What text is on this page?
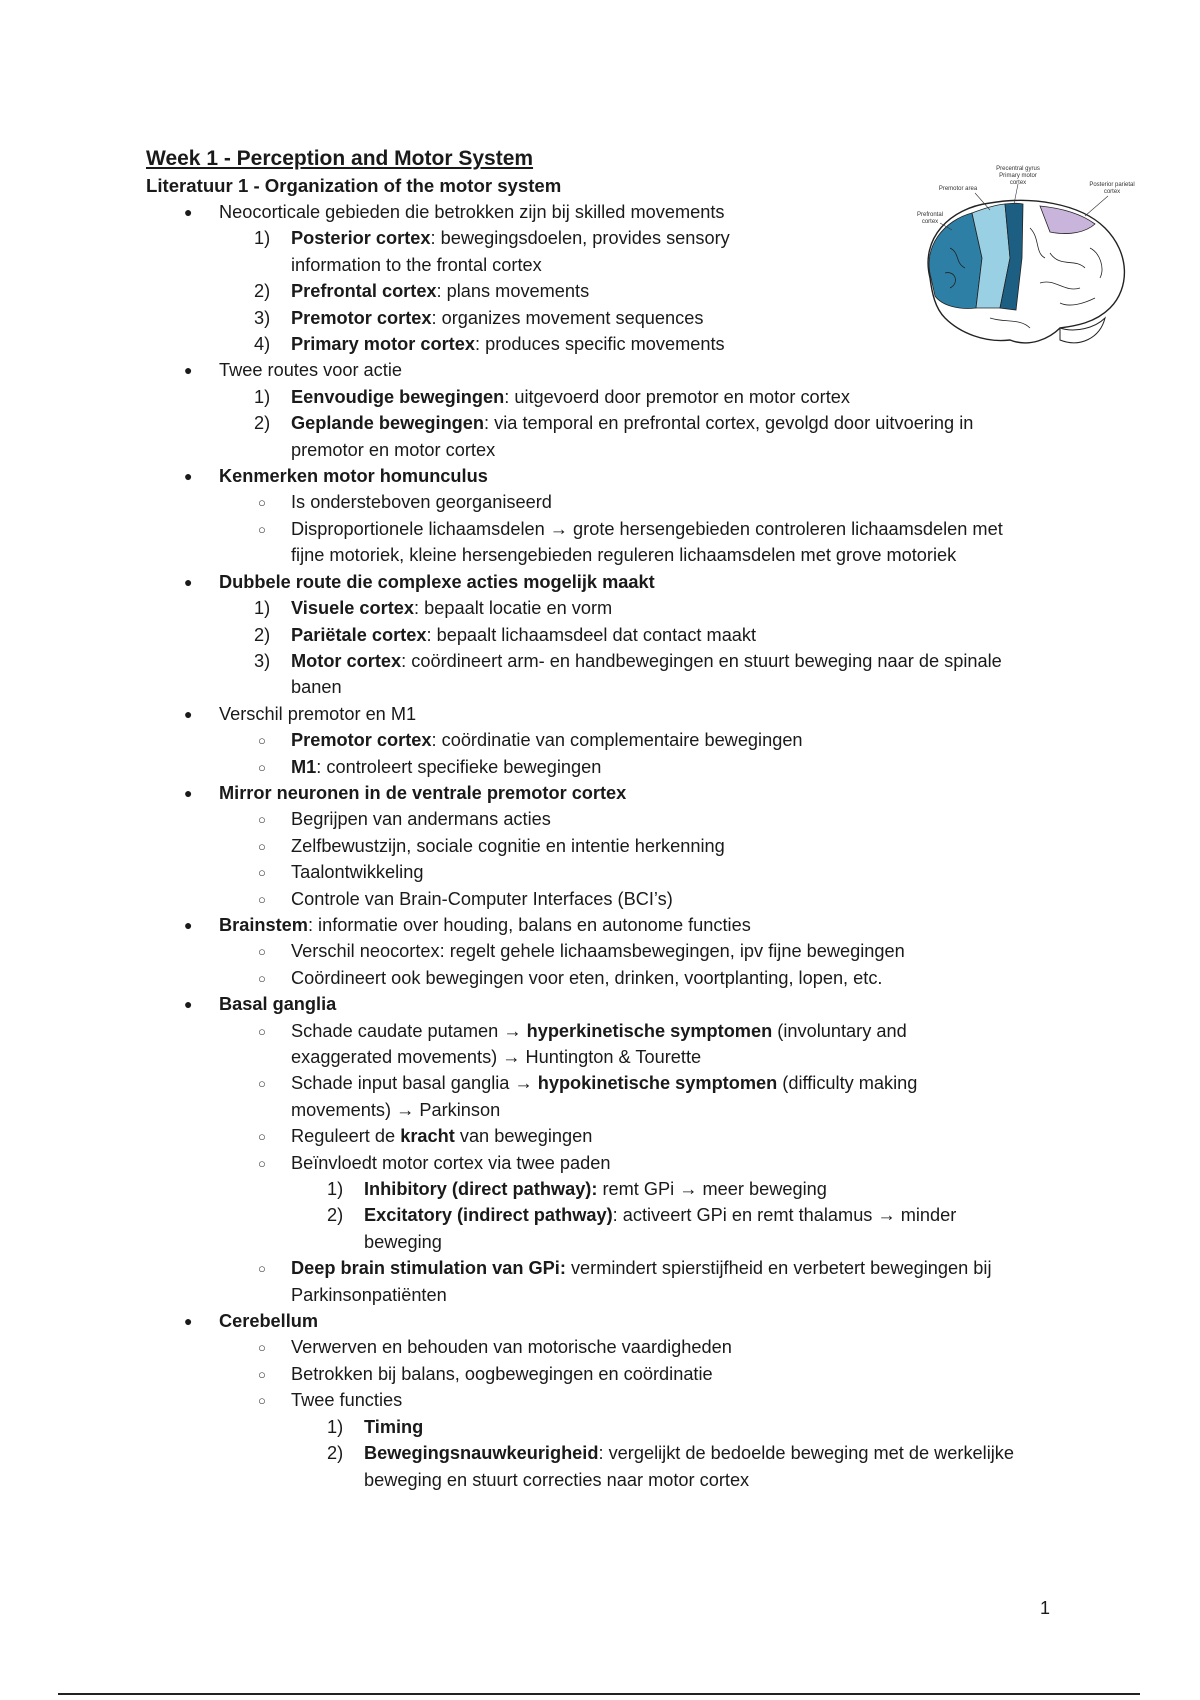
Precentral gyrus
Primary motor
cortex
Premotor area
Posterior parietal
cortex
Prefrontal
cortex
Week 1 - Perception and Motor System
Literatuur 1 - Organization of the motor system
● Neocorticale gebieden die betrokken zijn bij skilled movements
1) Posterior cortex: bewegingsdoelen, provides sensory
information to the frontal cortex
2) Prefrontal cortex: plans movements
3) Premotor cortex: organizes movement sequences
4) Primary motor cortex: produces specific movements
● Twee routes voor actie
1) Eenvoudige bewegingen: uitgevoerd door premotor en motor cortex
2) Geplande bewegingen: via temporal en prefrontal cortex, gevolgd door uitvoering in premotor en motor cortex
● Kenmerken motor homunculus
○ Is ondersteboven georganiseerd
○ Disproportionele lichaamsdelen → grote hersengebieden controleren lichaamsdelen met fijne motoriek, kleine hersengebieden reguleren lichaamsdelen met grove motoriek
● Dubbele route die complexe acties mogelijk maakt
1) Visuele cortex: bepaalt locatie en vorm
2) Pariëtale cortex: bepaalt lichaamsdeel dat contact maakt
3) Motor cortex: coördineert arm- en handbewegingen en stuurt beweging naar de spinale banen
● Verschil premotor en M1
○ Premotor cortex: coördinatie van complementaire bewegingen
○ M1: controleert specifieke bewegingen
● Mirror neuronen in de ventrale premotor cortex
○ Begrijpen van andermans acties
○ Zelfbewustzijn, sociale cognitie en intentie herkenning
○ Taalontwikkeling
○ Controle van Brain-Computer Interfaces (BCI’s)
● Brainstem: informatie over houding, balans en autonome functies
○ Verschil neocortex: regelt gehele lichaamsbewegingen, ipv fijne bewegingen
○ Coördineert ook bewegingen voor eten, drinken, voortplanting, lopen, etc.
● Basal ganglia
○ Schade caudate putamen → hyperkinetische symptomen (involuntary and exaggerated movements) → Huntington & Tourette
○ Schade input basal ganglia → hypokinetische symptomen (difficulty making movements) → Parkinson
○ Reguleert de kracht van bewegingen
○ Beïnvloedt motor cortex via twee paden
1) Inhibitory (direct pathway): remt GPi → meer beweging
2) Excitatory (indirect pathway): activeert GPi en remt thalamus → minder beweging
○ Deep brain stimulation van GPi: vermindert spierstijfheid en verbetert bewegingen bij Parkinsonpatiënten
● Cerebellum
○ Verwerven en behouden van motorische vaardigheden
○ Betrokken bij balans, oogbewegingen en coördinatie
○ Twee functies
1) Timing
2) Bewegingsnauwkeurigheid: vergelijkt de bedoelde beweging met de werkelijke beweging en stuurt correcties naar motor cortex
1
